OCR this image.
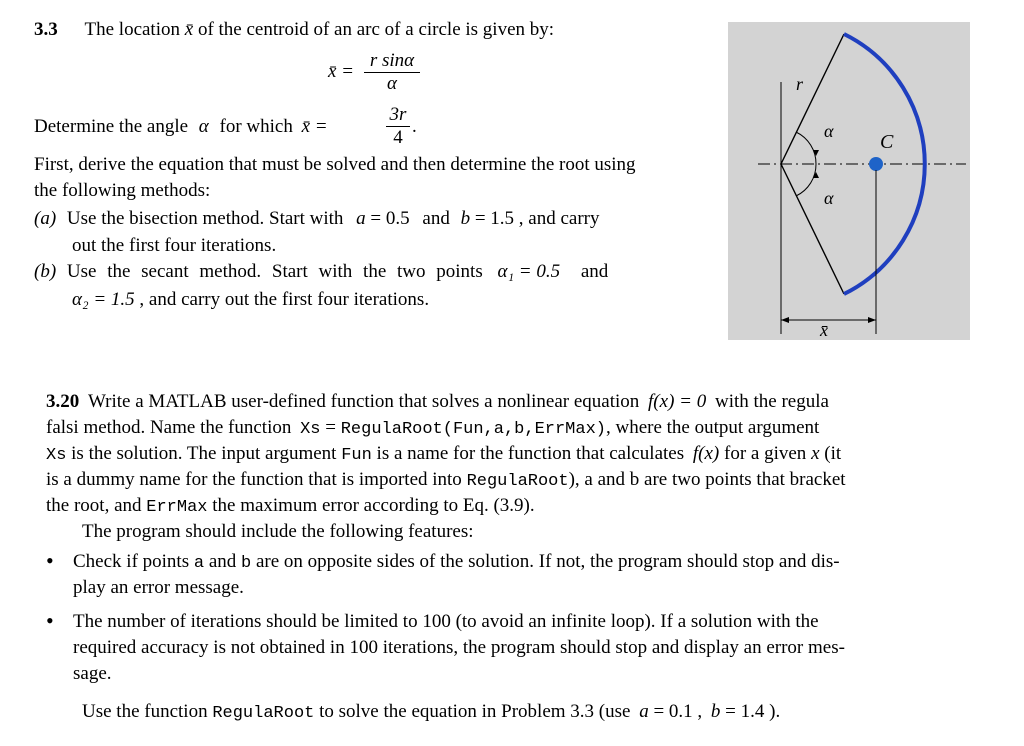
3.3 The location x̄ of the centroid of an arc of a circle is given by:
x̄ = $\frac{\text{r sinα}}{\alpha}$
Determine the angle α for which x̄ =	$\frac{3r}{4}$ .
First, derive the equation that must be solved and then determine the root using
the following methods:
(a) Use the bisection method. Start with a = 0.5 and b = 1.5 , and carry
out the first four iterations.
(b) Use the secant method. Start with the two points α₁ = 0.5 and
α₂ = 1.5 , and carry out the first four iterations.
r
α
α
C
x̄
3.20 Write a MATLAB user-defined function that solves a nonlinear equation f(x) = 0 with the regula
falsi method. Name the function Xs = RegulaRoot(Fun,a,b,ErrMax), where the output argument
Xs is the solution. The input argument Fun is a name for the function that calculates f(x) for a given x (it
is a dummy name for the function that is imported into RegulaRoot), a and b are two points that bracket
the root, and ErrMax the maximum error according to Eq. (3.9).
The program should include the following features:
• Check if points a and b are on opposite sides of the solution. If not, the program should stop and dis-
play an error message.
• The number of iterations should be limited to 100 (to avoid an infinite loop). If a solution with the
required accuracy is not obtained in 100 iterations, the program should stop and display an error mes-
sage.
Use the function RegulaRoot to solve the equation in Problem 3.3 (use a = 0.1 , b = 1.4 ).
